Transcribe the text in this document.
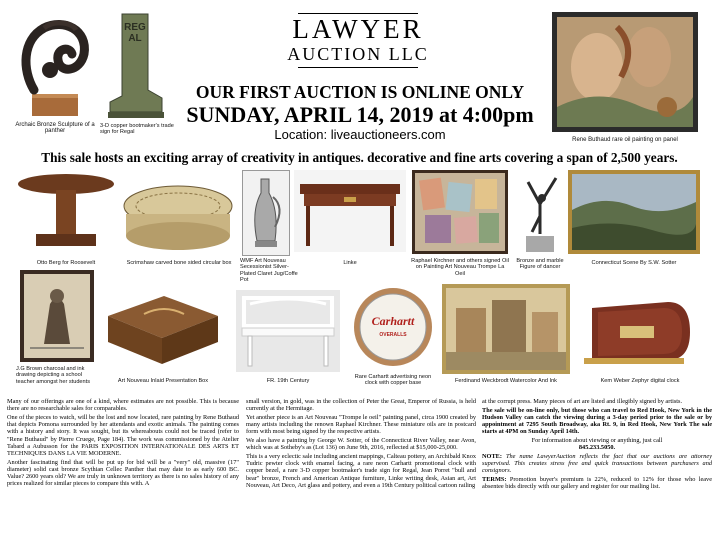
Archaic Bronze Sculpture of a panther
REGAL
3-D copper bootmaker's trade sign for Regal
LAWYER
AUCTION LLC
OUR FIRST AUCTION IS ONLINE ONLY
SUNDAY, APRIL 14, 2019 at 4:00pm
Location: liveauctioneers.com	Rene Buthaud rare oil painting on panel
This sale hosts an exciting array of creativity in antiques. decorative and fine arts covering a span of 2,500 years.
Otto Berg for Roosevelt	Scrimshaw carved bone sided circular box	WMF Art Nouveau Secessionist Silver-Plated Claret Jug/Coffe Pot
Linke	Raphael Kirchner and others signed Oil on Painting Art Nouveau Trompe La Oeil
Bronze and marble Figure of dancer
Connecticut Scene By S.W. Sotter
J.G Brown charcoal and ink drawing depicting a school teacher amongst her students	Art Nouveau Inlaid Presentation Box	FR. 19th Century
Carhartt
OVERALLS
Rare Carhartt advertising neon clock with copper base	Ferdinand Weckbrodt Watercolor And Ink	Kem Weber Zephyr digital clock

Many of our offerings are one of a kind, where estimates are not possible. This is because there are no researchable sales for comparables.

One of the pieces to watch, will be the lost and now located, rare painting by Rene Buthaud that depicts Pomona surrounded by her attendants and exotic animals. The painting comes with a history and story. It was sought, but its whereabouts could not be traced (refer to "Rene Buthaud" by Pierre Cruege, Page 184). The work was commissioned by the Atelier Tabard a Aubusson for the PARIS EXPOSITION INTERNATIONALE DES ARTS ET TECHNIQUES DANS LA VIE MODERNE.

Another fascinating find that will be put up for bid will be a "very" old, massive (17" diameter) solid cast bronze Scythian Cellec Panther that may date to as early 600 BC. Value? 2600 years old? We are truly in unknown territory as there is no sales history of any prices realized for similar pieces to compare this with. A

small version, in gold, was in the collection of Peter the Great, Emperor of Russia, is held currently at the Hermitage.

Yet another piece is an Art Nouveau "Trompe le oeil" painting panel, circa 1900 created by many artists including the renown Raphael Kirchner. These miniature oils are in postcard form with most being signed by the respective artists.

We also have a painting by George W. Sotter, of the Connecticut River Valley, near Avon, which was at Sotheby's as (Lot 136) on June 9th, 2016, reflected at $15,000-25,000.

This is a very eclectic sale including ancient mappings, Calteau pottery, an Archibald Knox Tudric pewter clock with enamel facing, a rare neon Carhartt promotional clock with copper bezel, a rare 3-D copper bootmaker's trade sign for Regal, Jean Porret "bull and bear" bronze, French and American Antique furniture, Linke writing desk, Asian art, Art Nouveau, Art Deco, Art glass and pottery, and even a 19th Century political cartoon railing

at the corrupt press. Many pieces of art are listed and illegibly signed by artists.

The sale will be on-line only, but those who can travel to Red Hook, New York in the Hudson Valley can catch the viewing during a 3-day period prior to the sale or by appointment at 7295 South Broadway, aka Rt. 9, in Red Hook, New York The sale starts at 4PM on Sunday April 14th.

For information about viewing or anything, just call

845.233.5050.

NOTE: The name LawyerAuction reflects the fact that our auctions are attorney supervised. This creates stress free and quick transactions between purchasers and consignors.

TERMS: Promotion buyer's premium is 22%, reduced to 12% for those who leave absentee bids directly with our gallery and register for our mailing list.
